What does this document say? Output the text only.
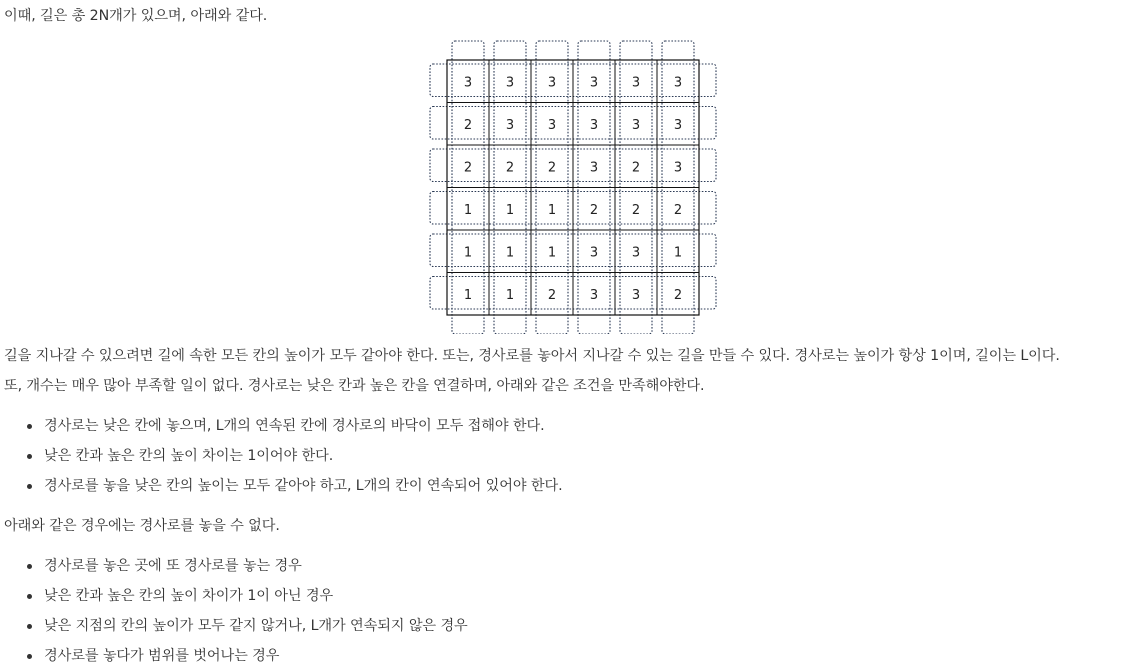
이때, 길은 총 2N개가 있으며, 아래와 같다.
3	3	3	3	3	3
2	3	3	3	3	3
2	2	2	3	2	3
1	1	1	2	2	2
1	1	1	3	3	1
1	1	2	3	3	2
길을 지나갈 수 있으려면 길에 속한 모든 칸의 높이가 모두 같아야 한다. 또는, 경사로를 놓아서 지나갈 수 있는 길을 만들 수 있다. 경사로는 높이가 항상 1이며, 길이는 L이다.
또, 개수는 매우 많아 부족할 일이 없다. 경사로는 낮은 칸과 높은 칸을 연결하며, 아래와 같은 조건을 만족해야한다.
경사로는 낮은 칸에 놓으며, L개의 연속된 칸에 경사로의 바닥이 모두 접해야 한다.
낮은 칸과 높은 칸의 높이 차이는 1이어야 한다.
경사로를 놓을 낮은 칸의 높이는 모두 같아야 하고, L개의 칸이 연속되어 있어야 한다.
아래와 같은 경우에는 경사로를 놓을 수 없다.
경사로를 놓은 곳에 또 경사로를 놓는 경우
낮은 칸과 높은 칸의 높이 차이가 1이 아닌 경우
낮은 지점의 칸의 높이가 모두 같지 않거나, L개가 연속되지 않은 경우
경사로를 놓다가 범위를 벗어나는 경우
